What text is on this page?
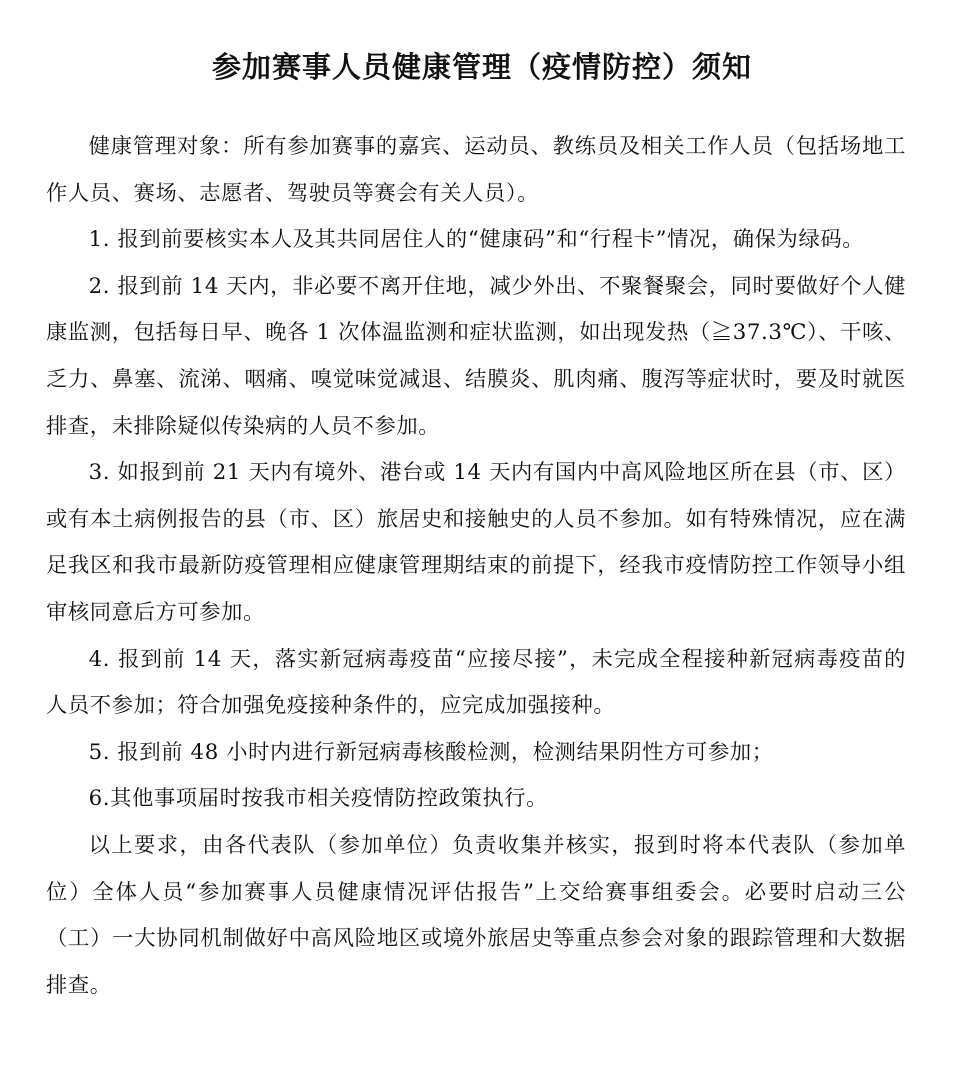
参加赛事人员健康管理（疫情防控）须知

健康管理对象：所有参加赛事的嘉宾、运动员、教练员及相关工作人员（包括场地工作人员、赛场、志愿者、驾驶员等赛会有关人员）。

1. 报到前要核实本人及其共同居住人的“健康码”和“行程卡”情况，确保为绿码。

2. 报到前 14 天内，非必要不离开住地，减少外出、不聚餐聚会，同时要做好个人健康监测，包括每日早、晚各 1 次体温监测和症状监测，如出现发热（≧37.3℃）、干咳、乏力、鼻塞、流涕、咽痛、嗅觉味觉减退、结膜炎、肌肉痛、腹泻等症状时，要及时就医排查，未排除疑似传染病的人员不参加。

3. 如报到前 21 天内有境外、港台或 14 天内有国内中高风险地区所在县（市、区）或有本土病例报告的县（市、区）旅居史和接触史的人员不参加。如有特殊情况，应在满足我区和我市最新防疫管理相应健康管理期结束的前提下，经我市疫情防控工作领导小组审核同意后方可参加。

4. 报到前 14 天，落实新冠病毒疫苗“应接尽接”，未完成全程接种新冠病毒疫苗的人员不参加；符合加强免疫接种条件的，应完成加强接种。

5. 报到前 48 小时内进行新冠病毒核酸检测，检测结果阴性方可参加；

6.其他事项届时按我市相关疫情防控政策执行。

以上要求，由各代表队（参加单位）负责收集并核实，报到时将本代表队（参加单位）全体人员“参加赛事人员健康情况评估报告”上交给赛事组委会。必要时启动三公（工）一大协同机制做好中高风险地区或境外旅居史等重点参会对象的跟踪管理和大数据排查。
